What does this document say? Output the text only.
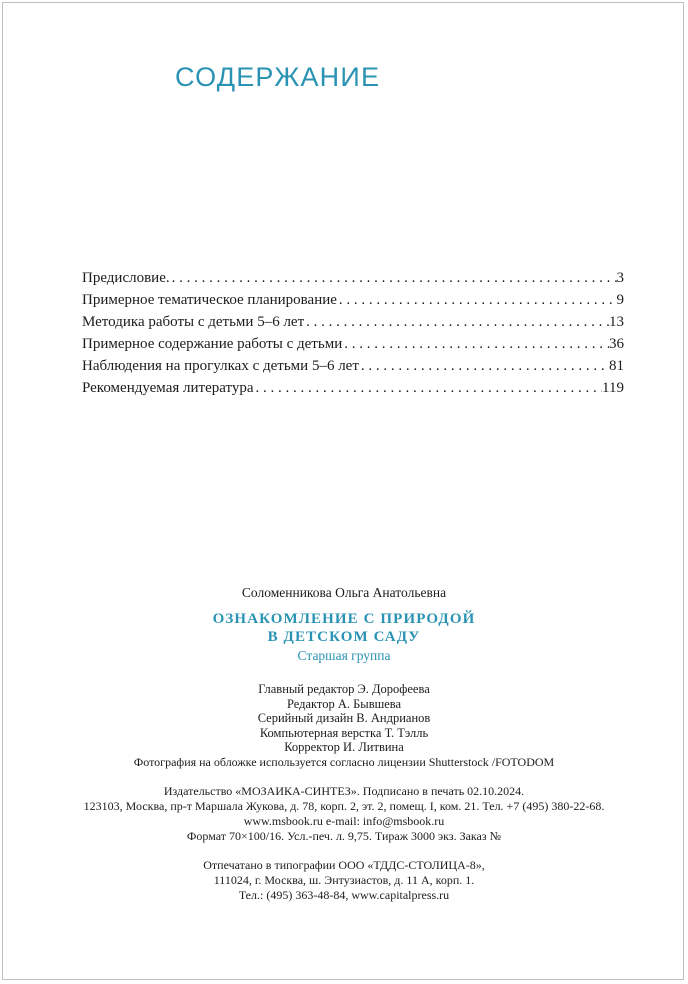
СОДЕРЖАНИЕ
Предисловие. . . .	3
Примерное тематическое планирование . . .	9
Методика работы с детьми 5–6 лет . . .	13
Примерное содержание работы с детьми . . .	36
Наблюдения на прогулках с детьми 5–6 лет . . .	81
Рекомендуемая литература . . .	119
Соломенникова Ольга Анатольевна
ОЗНАКОМЛЕНИЕ С ПРИРОДОЙ
В ДЕТСКОМ САДУ
Старшая группа
Главный редактор Э. Дорофеева
Редактор А. Бывшева
Серийный дизайн В. Андрианов
Компьютерная верстка Т. Тэлль
Корректор И. Литвина
Фотография на обложке используется согласно лицензии Shutterstock /FOTODOM
Издательство «МОЗАИКА-СИНТЕЗ». Подписано в печать 02.10.2024.
123103, Москва, пр-т Маршала Жукова, д. 78, корп. 2, эт. 2, помещ. I, ком. 21. Тел. +7 (495) 380-22-68.
www.msbook.ru e-mail: info@msbook.ru
Формат 70×100/16. Усл.-печ. л. 9,75. Тираж 3000 экз. Заказ №
Отпечатано в типографии ООО «ТДДС-СТОЛИЦА-8»,
111024, г. Москва, ш. Энтузиастов, д. 11 А, корп. 1.
Тел.: (495) 363-48-84, www.capitalpress.ru
